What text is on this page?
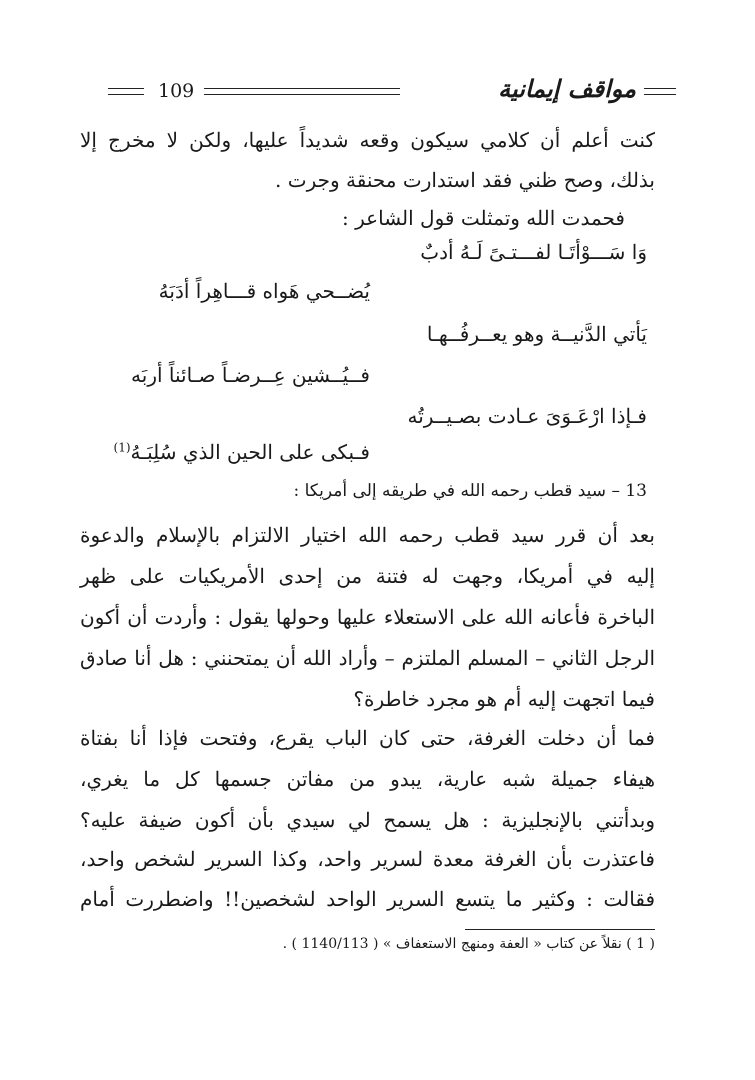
مواقف إيمانية
109
كنت أعلم أن كلامي سيكون وقعه شديداً عليها، ولكن لا مخرج إلا
بذلك، وصح ظني فقد استدارت محنقة وجرت .
فحمدت الله وتمثلت قول الشاعر :
وَا سَـــوْأتَـا لفـــتـىً لَـهُ أدبٌ
يُضــحي هَواه قـــاهِراً أدَبَهُ
يَأتي الدَّنيــة وهو يعــرفُــهـا
فــيُــشين عِــرضـاً صـائناً أربَه
فـإذا ارْعَـوَىَ عـادت بصـيــرتُه
فـبكى على الحين الذي سُلِبَـهُ$^{(1)}$
13 – سيد قطب رحمه الله في طريقه إلى أمريكا :
بعد أن قرر سيد قطب رحمه الله اختيار الالتزام بالإسلام والدعوة
إليه في أمريكا، وجهت له فتنة من إحدى الأمريكيات على ظهر
الباخرة فأعانه الله على الاستعلاء عليها وحولها يقول : وأردت أن أكون
الرجل الثاني – المسلم الملتزم – وأراد الله أن يمتحنني : هل أنا صادق
فيما اتجهت إليه أم هو مجرد خاطرة؟
فما أن دخلت الغرفة، حتى كان الباب يقرع، وفتحت فإذا أنا بفتاة
هيفاء جميلة شبه عارية، يبدو من مفاتن جسمها كل ما يغري،
وبدأتني بالإنجليزية : هل يسمح لي سيدي بأن أكون ضيفة عليه؟
فاعتذرت بأن الغرفة معدة لسرير واحد، وكذا السرير لشخص واحد،
فقالت : وكثير ما يتسع السرير الواحد لشخصين!! واضطررت أمام
( 1 ) نقلاً عن كتاب « العفة ومنهج الاستعفاف » ( 1140/113 ) .
